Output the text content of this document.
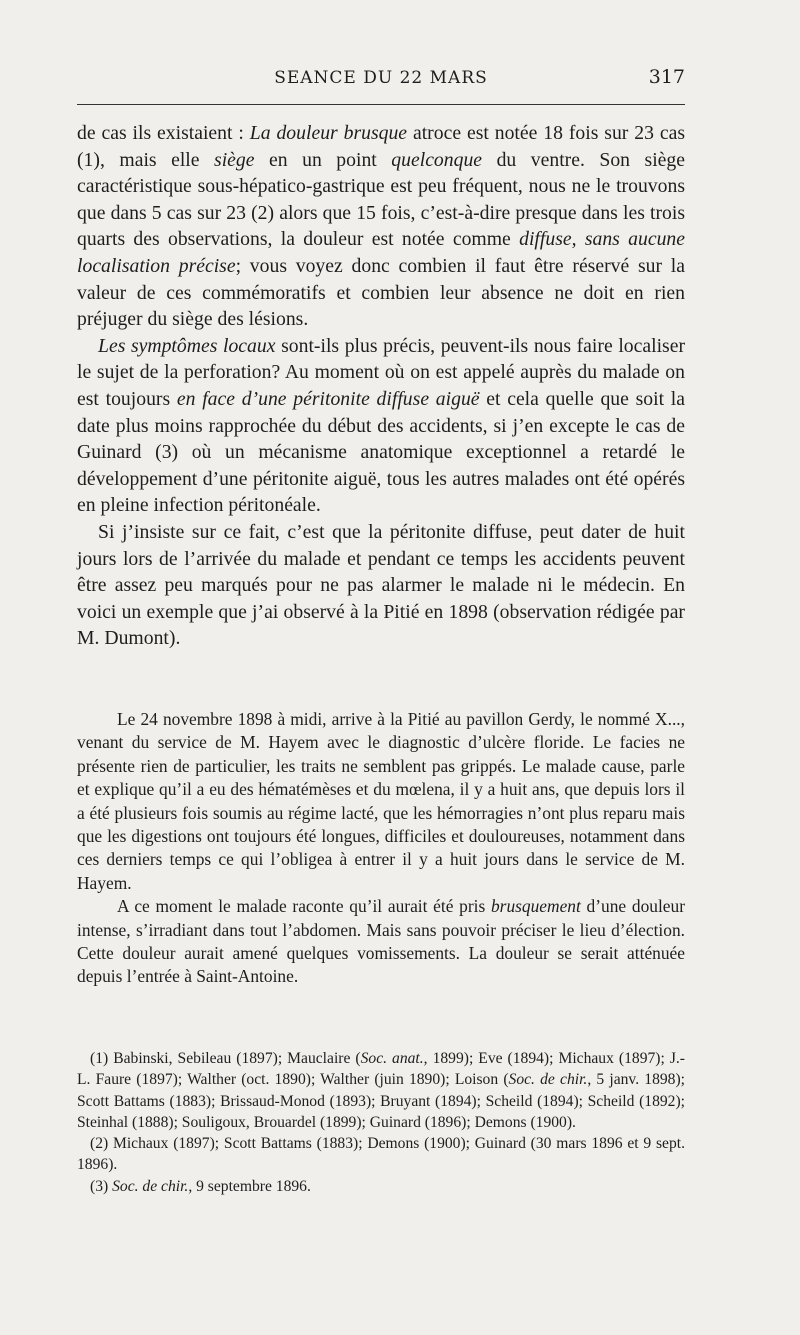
SEANCE DU 22 MARS	317

de cas ils existaient : La douleur brusque atroce est notée 18 fois sur 23 cas (1), mais elle siège en un point quelconque du ventre. Son siège caractéristique sous-hépatico-gastrique est peu fréquent, nous ne le trouvons que dans 5 cas sur 23 (2) alors que 15 fois, c’est-à-dire presque dans les trois quarts des observations, la douleur est notée comme diffuse, sans aucune localisation précise; vous voyez donc combien il faut être réservé sur la valeur de ces commémoratifs et combien leur absence ne doit en rien préjuger du siège des lésions.

Les symptômes locaux sont-ils plus précis, peuvent-ils nous faire localiser le sujet de la perforation? Au moment où on est appelé auprès du malade on est toujours en face d’une péritonite diffuse aiguë et cela quelle que soit la date plus moins rapprochée du début des accidents, si j’en excepte le cas de Guinard (3) où un mécanisme anatomique exceptionnel a retardé le développement d’une péritonite aiguë, tous les autres malades ont été opérés en pleine infection péritonéale.

Si j’insiste sur ce fait, c’est que la péritonite diffuse, peut dater de huit jours lors de l’arrivée du malade et pendant ce temps les accidents peuvent être assez peu marqués pour ne pas alarmer le malade ni le médecin. En voici un exemple que j’ai observé à la Pitié en 1898 (observation rédigée par M. Dumont).

Le 24 novembre 1898 à midi, arrive à la Pitié au pavillon Gerdy, le nommé X..., venant du service de M. Hayem avec le diagnostic d’ulcère floride. Le facies ne présente rien de particulier, les traits ne semblent pas grippés. Le malade cause, parle et explique qu’il a eu des hématémèses et du mœlena, il y a huit ans, que depuis lors il a été plusieurs fois soumis au régime lacté, que les hémorragies n’ont plus reparu mais que les digestions ont toujours été longues, difficiles et douloureuses, notamment dans ces derniers temps ce qui l’obligea à entrer il y a huit jours dans le service de M. Hayem.

A ce moment le malade raconte qu’il aurait été pris brusquement d’une douleur intense, s’irradiant dans tout l’abdomen. Mais sans pouvoir préciser le lieu d’élection. Cette douleur aurait amené quelques vomissements. La douleur se serait atténuée depuis l’entrée à Saint-Antoine.

(1) Babinski, Sebileau (1897); Mauclaire (Soc. anat., 1899); Eve (1894); Michaux (1897); J.-L. Faure (1897); Walther (oct. 1890); Walther (juin 1890); Loison (Soc. de chir., 5 janv. 1898); Scott Battams (1883); Brissaud-Monod (1893); Bruyant (1894); Scheild (1894); Scheild (1892); Steinhal (1888); Souligoux, Brouardel (1899); Guinard (1896); Demons (1900).

(2) Michaux (1897); Scott Battams (1883); Demons (1900); Guinard (30 mars 1896 et 9 sept. 1896).

(3) Soc. de chir., 9 septembre 1896.
